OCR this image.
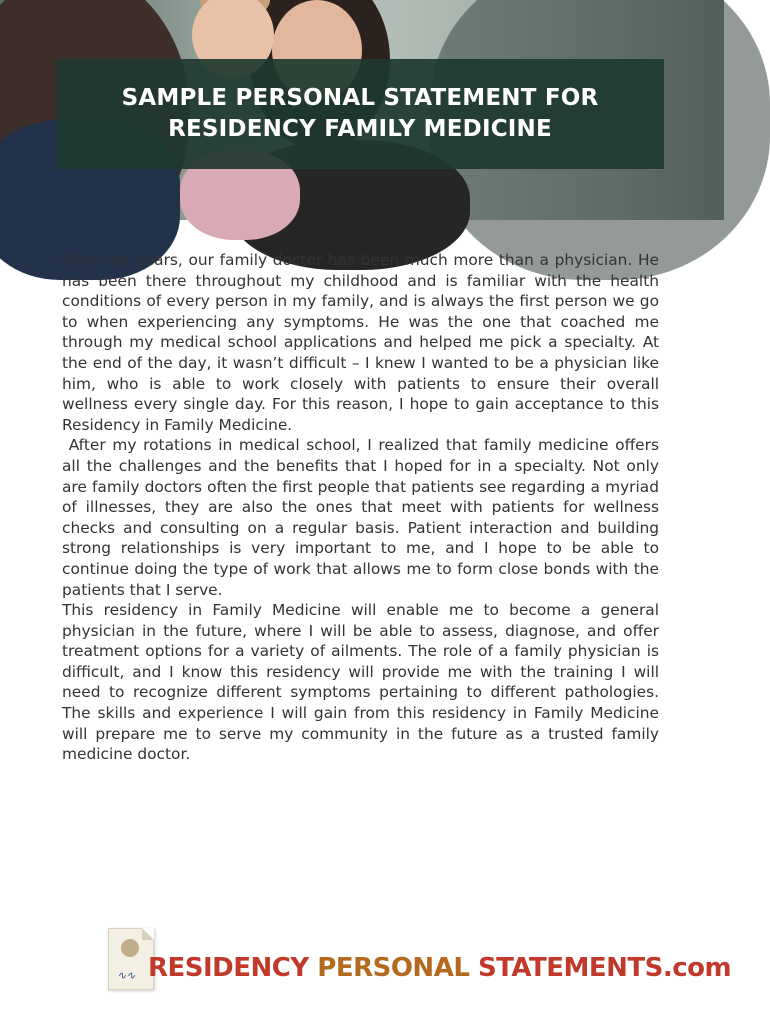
SAMPLE PERSONAL STATEMENT FOR
RESIDENCY FAMILY MEDICINE

Over the years, our family doctor has been much more than a physician. He has been there throughout my childhood and is familiar with the health conditions of every person in my family, and is always the first person we go to when experiencing any symptoms. He was the one that coached me through my medical school applications and helped me pick a specialty. At the end of the day, it wasn’t difficult – I knew I wanted to be a physician like him, who is able to work closely with patients to ensure their overall wellness every single day. For this reason, I hope to gain acceptance to this Residency in Family Medicine.

After my rotations in medical school, I realized that family medicine offers all the challenges and the benefits that I hoped for in a specialty. Not only are family doctors often the first people that patients see regarding a myriad of illnesses, they are also the ones that meet with patients for wellness checks and consulting on a regular basis. Patient interaction and building strong relationships is very important to me, and I hope to be able to continue doing the type of work that allows me to form close bonds with the patients that I serve.

This residency in Family Medicine will enable me to become a general physician in the future, where I will be able to assess, diagnose, and offer treatment options for a variety of ailments. The role of a family physician is difficult, and I know this residency will provide me with the training I will need to recognize different symptoms pertaining to different pathologies. The skills and experience I will gain from this residency in Family Medicine will prepare me to serve my community in the future as a trusted family medicine doctor.

∿∿ RESIDENCY PERSONAL STATEMENTS.com
